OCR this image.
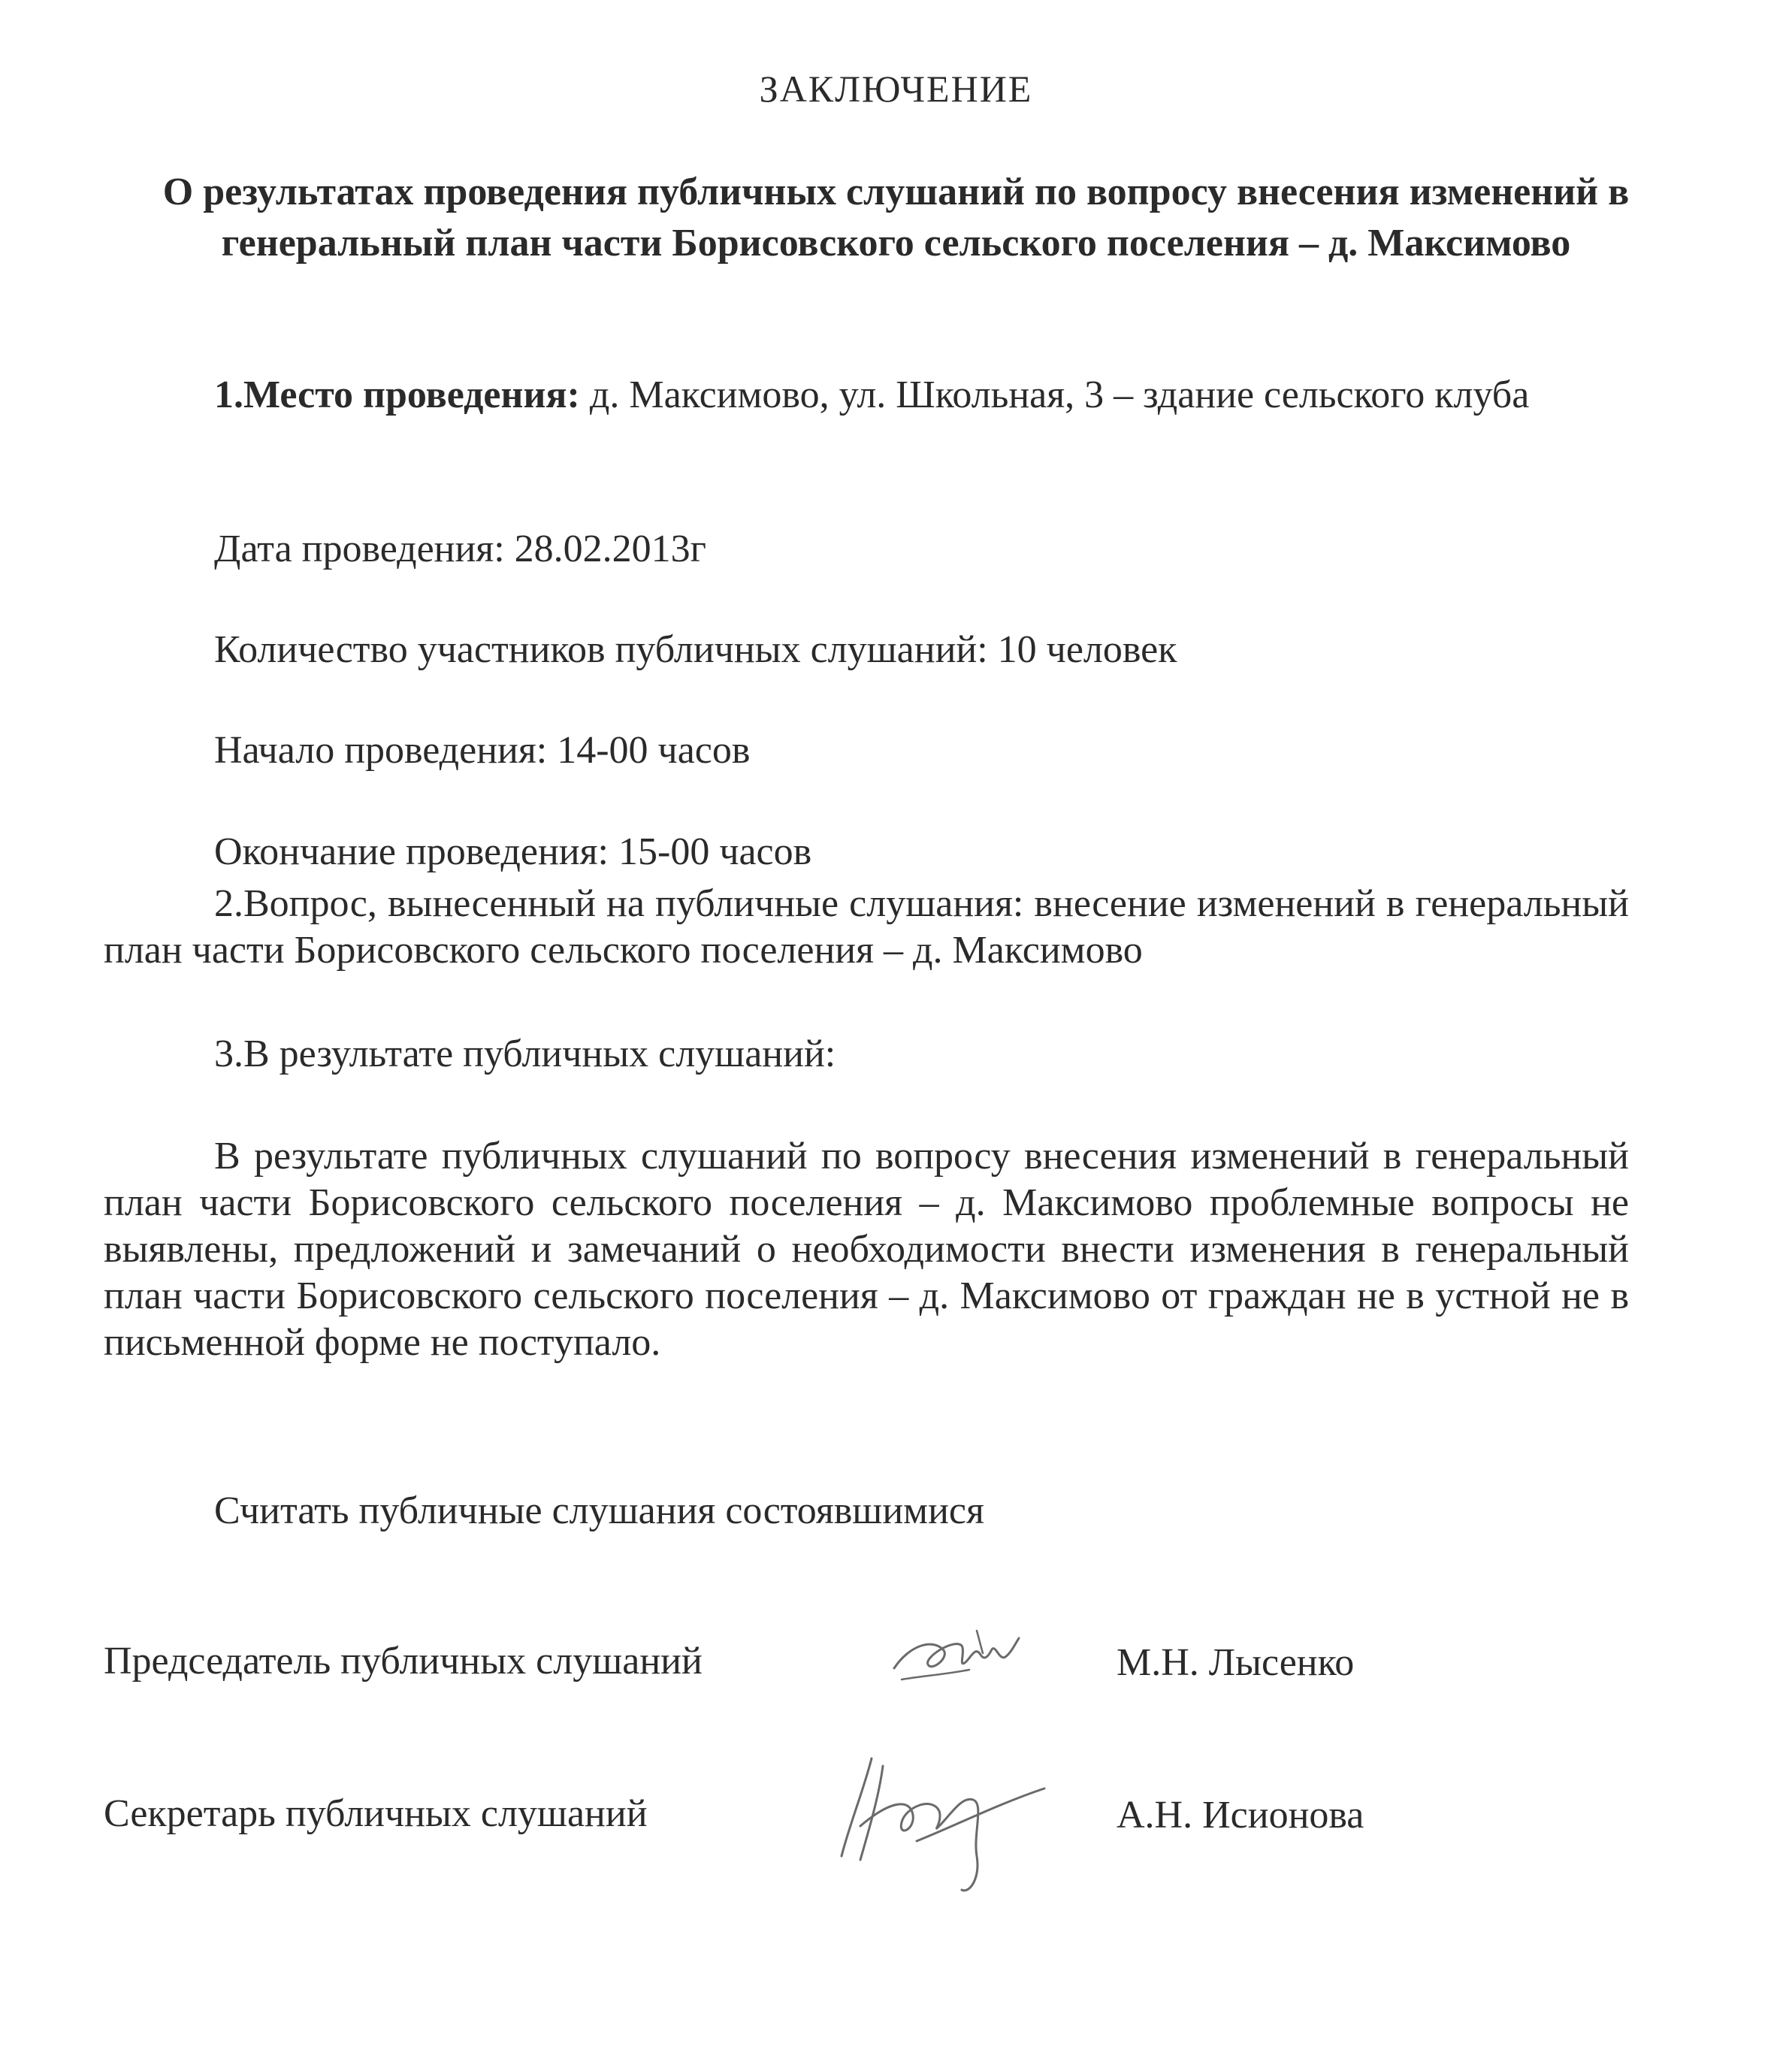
ЗАКЛЮЧЕНИЕ
О результатах проведения публичных слушаний по вопросу внесения изменений в генеральный план части Борисовского сельского поселения – д. Максимово
1.Место проведения: д. Максимово, ул. Школьная, 3 – здание сельского клуба
Дата проведения: 28.02.2013г
Количество участников публичных слушаний: 10 человек
Начало проведения: 14-00 часов
Окончание проведения: 15-00 часов
2.Вопрос, вынесенный на публичные слушания: внесение изменений в генеральный план части Борисовского сельского поселения – д. Максимово
3.В результате публичных слушаний:
В результате публичных слушаний по вопросу внесения изменений в генеральный план части Борисовского сельского поселения – д. Максимово проблемные вопросы не выявлены, предложений и замечаний о необходимости внести изменения в генеральный план части Борисовского сельского поселения – д. Максимово от граждан не в устной не в письменной форме не поступало.
Считать публичные слушания состоявшимися
Председатель публичных слушаний	М.Н. Лысенко
Секретарь публичных слушаний	А.Н. Исионова
